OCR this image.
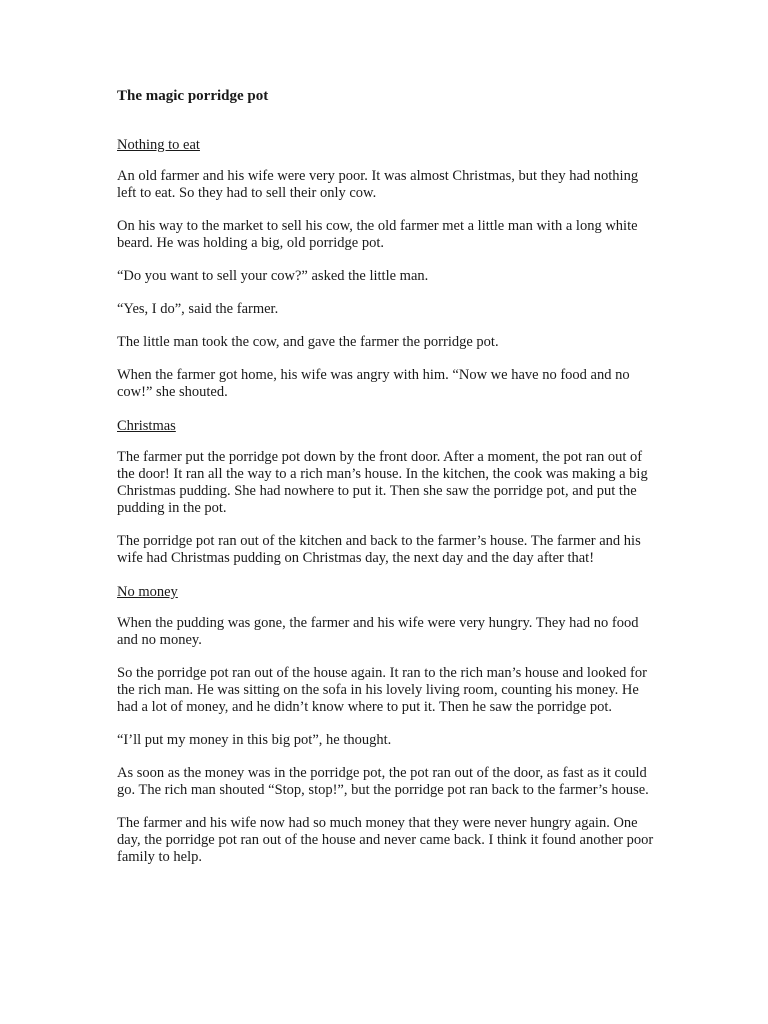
The magic porridge pot
Nothing to eat

An old farmer and his wife were very poor. It was almost Christmas, but they had nothing left to eat. So they had to sell their only cow.

On his way to the market to sell his cow, the old farmer met a little man with a long white beard. He was holding a big, old porridge pot.

“Do you want to sell your cow?” asked the little man.

“Yes, I do”, said the farmer.

The little man took the cow, and gave the farmer the porridge pot.

When the farmer got home, his wife was angry with him. “Now we have no food and no cow!” she shouted.

Christmas

The farmer put the porridge pot down by the front door. After a moment, the pot ran out of the door! It ran all the way to a rich man’s house. In the kitchen, the cook was making a big Christmas pudding. She had nowhere to put it. Then she saw the porridge pot, and put the pudding in the pot.

The porridge pot ran out of the kitchen and back to the farmer’s house. The farmer and his wife had Christmas pudding on Christmas day, the next day and the day after that!

No money

When the pudding was gone, the farmer and his wife were very hungry. They had no food and no money.

So the porridge pot ran out of the house again. It ran to the rich man’s house and looked for the rich man. He was sitting on the sofa in his lovely living room, counting his money. He had a lot of money, and he didn’t know where to put it. Then he saw the porridge pot.

“I’ll put my money in this big pot”, he thought.

As soon as the money was in the porridge pot, the pot ran out of the door, as fast as it could go. The rich man shouted “Stop, stop!”, but the porridge pot ran back to the farmer’s house.

The farmer and his wife now had so much money that they were never hungry again. One day, the porridge pot ran out of the house and never came back. I think it found another poor family to help.
